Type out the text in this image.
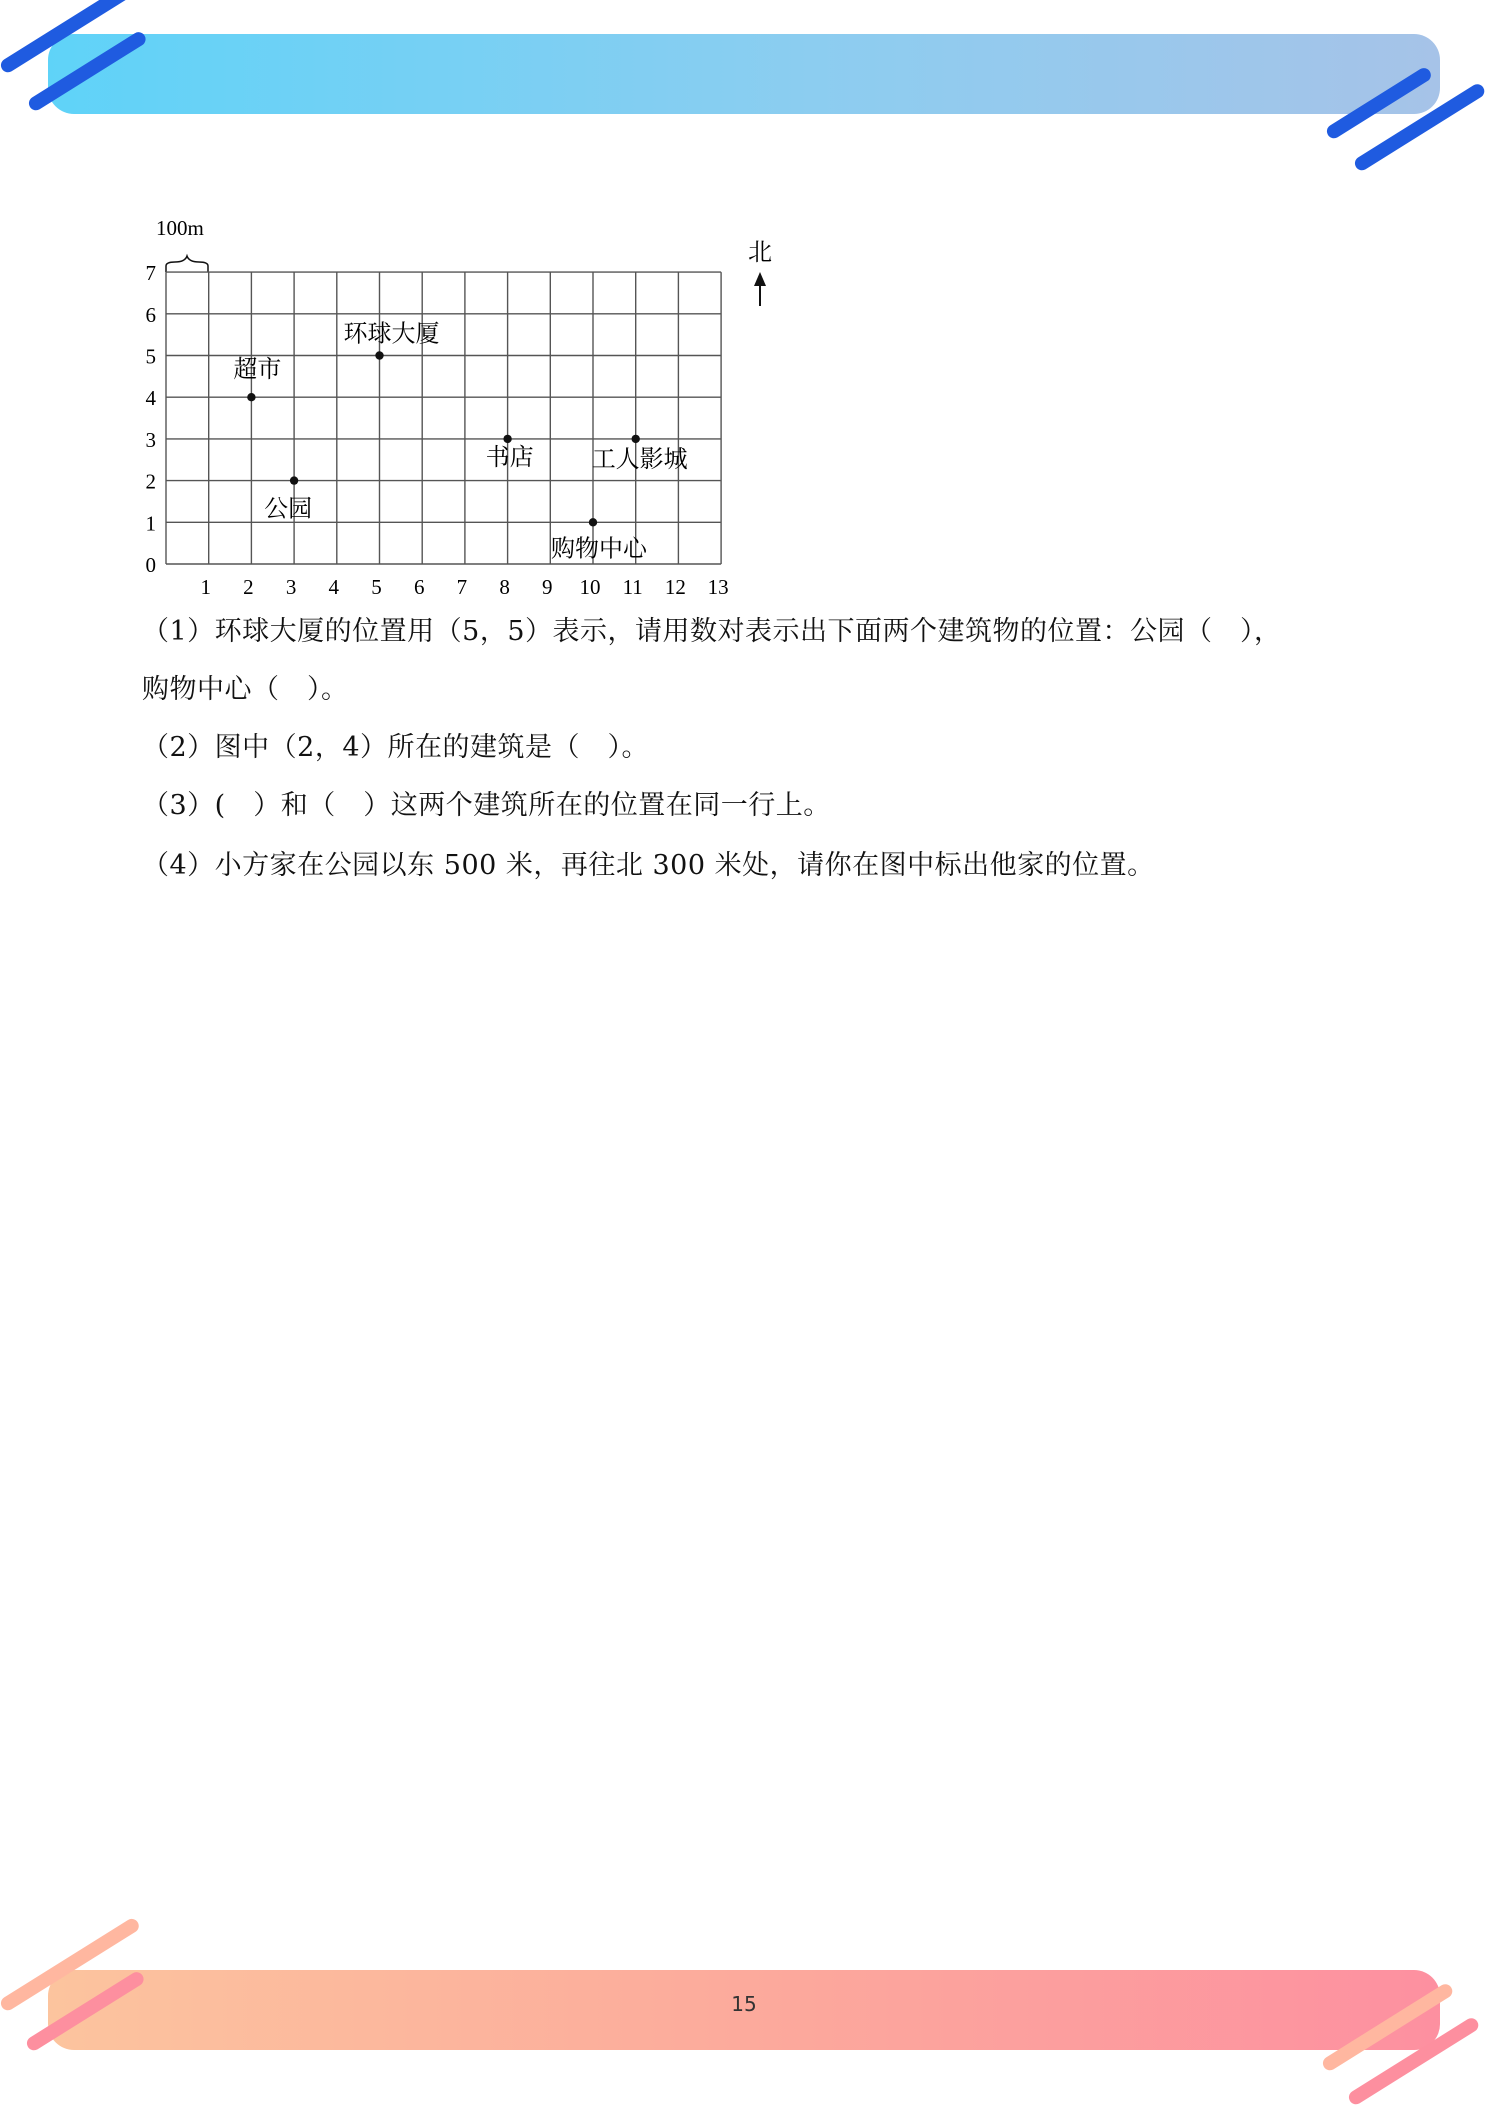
15
100m
0
1
2
3
4
5
6
7
1 2 3 4 5 6 7 8 9 10 11 12 13
超市
环球大厦
公园
书店 工人影城
购物中心
北
（1）环球大厦的位置用（5，5）表示，请用数对表示出下面两个建筑物的位置：公园（　），
购物中心（　）。
（2）图中（2，4）所在的建筑是（　）。
（3）(　）和（　）这两个建筑所在的位置在同一行上。
（4）小方家在公园以东 500 米，再往北 300 米处，请你在图中标出他家的位置。
